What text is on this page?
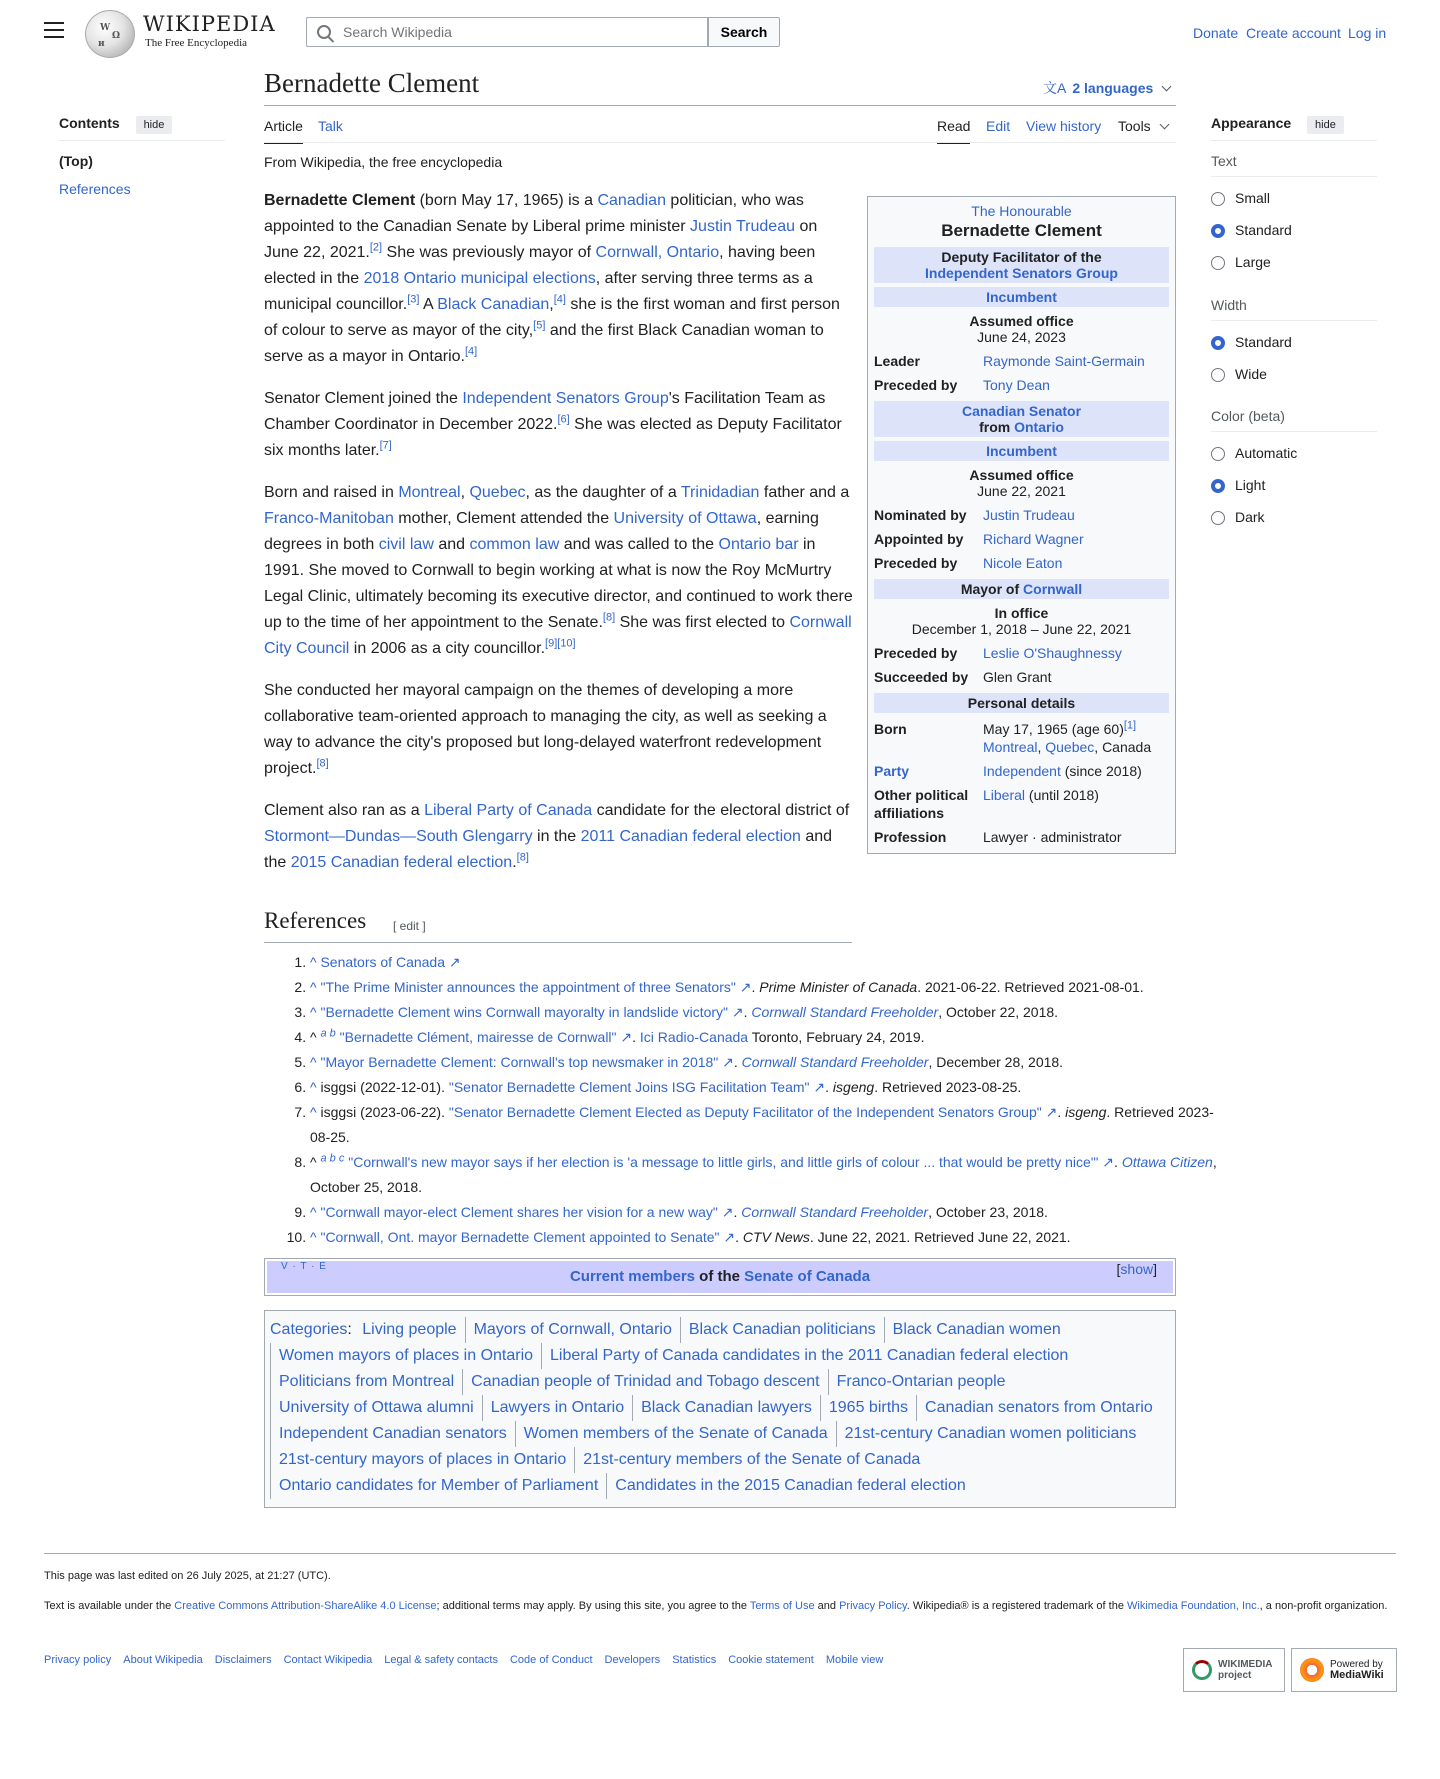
W
Ω
и
WIKIPEDIA
The Free Encyclopedia
Search Wikipedia
Search	Donate Create account Log in
Contents hide
(Top)
References
Appearance hide
Text
Small
Standard
Large
Width
Standard
Wide
Color (beta)
Automatic
Light
Dark
Bernadette Clement	文A 2 languages
Article Talk	Read Edit View history Tools
From Wikipedia, the free encyclopedia

Bernadette Clement (born May 17, 1965) is a Canadian politician, who was appointed to the Canadian Senate by Liberal prime minister Justin Trudeau on June 22, 2021.[2] She was previously mayor of Cornwall, Ontario, having been elected in the 2018 Ontario municipal elections, after serving three terms as a municipal councillor.[3] A Black Canadian,[4] she is the first woman and first person of colour to serve as mayor of the city,[5] and the first Black Canadian woman to serve as a mayor in Ontario.[4]

Senator Clement joined the Independent Senators Group's Facilitation Team as Chamber Coordinator in December 2022.[6] She was elected as Deputy Facilitator six months later.[7]

Born and raised in Montreal, Quebec, as the daughter of a Trinidadian father and a Franco-Manitoban mother, Clement attended the University of Ottawa, earning degrees in both civil law and common law and was called to the Ontario bar in 1991. She moved to Cornwall to begin working at what is now the Roy McMurtry Legal Clinic, ultimately becoming its executive director, and continued to work there up to the time of her appointment to the Senate.[8] She was first elected to Cornwall City Council in 2006 as a city councillor.[9][10]

She conducted her mayoral campaign on the themes of developing a more collaborative team-oriented approach to managing the city, as well as seeking a way to advance the city's proposed but long-delayed waterfront redevelopment project.[8]

Clement also ran as a Liberal Party of Canada candidate for the electoral district of Stormont—Dundas—South Glengarry in the 2011 Canadian federal election and the 2015 Canadian federal election.[8]

The Honourable
Bernadette Clement
Deputy Facilitator of the
Independent Senators Group
Incumbent
Assumed office
June 24, 2023
Leader	Raymonde Saint-Germain
Preceded by	Tony Dean
Canadian Senator
from Ontario
Incumbent
Assumed office
June 22, 2021
Nominated by	Justin Trudeau
Appointed by	Richard Wagner
Preceded by	Nicole Eaton
Mayor of Cornwall
In office
December 1, 2018 – June 22, 2021
Preceded by	Leslie O'Shaughnessy
Succeeded by	Glen Grant
Personal details
Born	May 17, 1965 (age 60)[1]
Montreal, Quebec, Canada
Party	Independent (since 2018)
Other political affiliations
Liberal (until 2018)
Profession	Lawyer · administrator
References [ edit ]
1. ^ Senators of Canada ↗
2. ^ "The Prime Minister announces the appointment of three Senators" ↗. Prime Minister of Canada. 2021-06-22. Retrieved 2021-08-01.
3. ^ "Bernadette Clement wins Cornwall mayoralty in landslide victory" ↗. Cornwall Standard Freeholder, October 22, 2018.
4. ^ $^{a b}$ "Bernadette Clément, mairesse de Cornwall" ↗. Ici Radio-Canada Toronto, February 24, 2019.
5. ^ "Mayor Bernadette Clement: Cornwall's top newsmaker in 2018" ↗. Cornwall Standard Freeholder, December 28, 2018.
6. ^ isggsi (2022-12-01). "Senator Bernadette Clement Joins ISG Facilitation Team" ↗. isgeng. Retrieved 2023-08-25.
7. ^ isggsi (2023-06-22). "Senator Bernadette Clement Elected as Deputy Facilitator of the Independent Senators Group" ↗. isgeng. Retrieved 2023-08-25.
8. ^ $^{a b c}$ "Cornwall's new mayor says if her election is 'a message to little girls, and little girls of colour ... that would be pretty nice'" ↗. Ottawa Citizen, October 25, 2018.
9. ^ "Cornwall mayor-elect Clement shares her vision for a new way" ↗. Cornwall Standard Freeholder, October 23, 2018.
10. ^ "Cornwall, Ont. mayor Bernadette Clement appointed to Senate" ↗. CTV News. June 22, 2021. Retrieved June 22, 2021.
V · T · E
Current members of the Senate of Canada	[show]
Categories: Living people Mayors of Cornwall, Ontario Black Canadian politicians Black Canadian women
Women mayors of places in Ontario Liberal Party of Canada candidates in the 2011 Canadian federal election
Politicians from Montreal Canadian people of Trinidad and Tobago descent Franco-Ontarian people
University of Ottawa alumni Lawyers in Ontario Black Canadian lawyers 1965 births Canadian senators from Ontario
Independent Canadian senators Women members of the Senate of Canada 21st-century Canadian women politicians
21st-century mayors of places in Ontario 21st-century members of the Senate of Canada
Ontario candidates for Member of Parliament Candidates in the 2015 Canadian federal election
This page was last edited on 26 July 2025, at 21:27 (UTC).
Text is available under the Creative Commons Attribution-ShareAlike 4.0 License; additional terms may apply. By using this site, you agree to the Terms of Use and Privacy Policy. Wikipedia® is a registered trademark of the Wikimedia Foundation, Inc., a non-profit organization.
Privacy policy About Wikipedia Disclaimers Contact Wikipedia Legal & safety contacts Code of Conduct Developers Statistics Cookie statement Mobile view	WIKIMEDIA project
Powered by
MediaWiki
